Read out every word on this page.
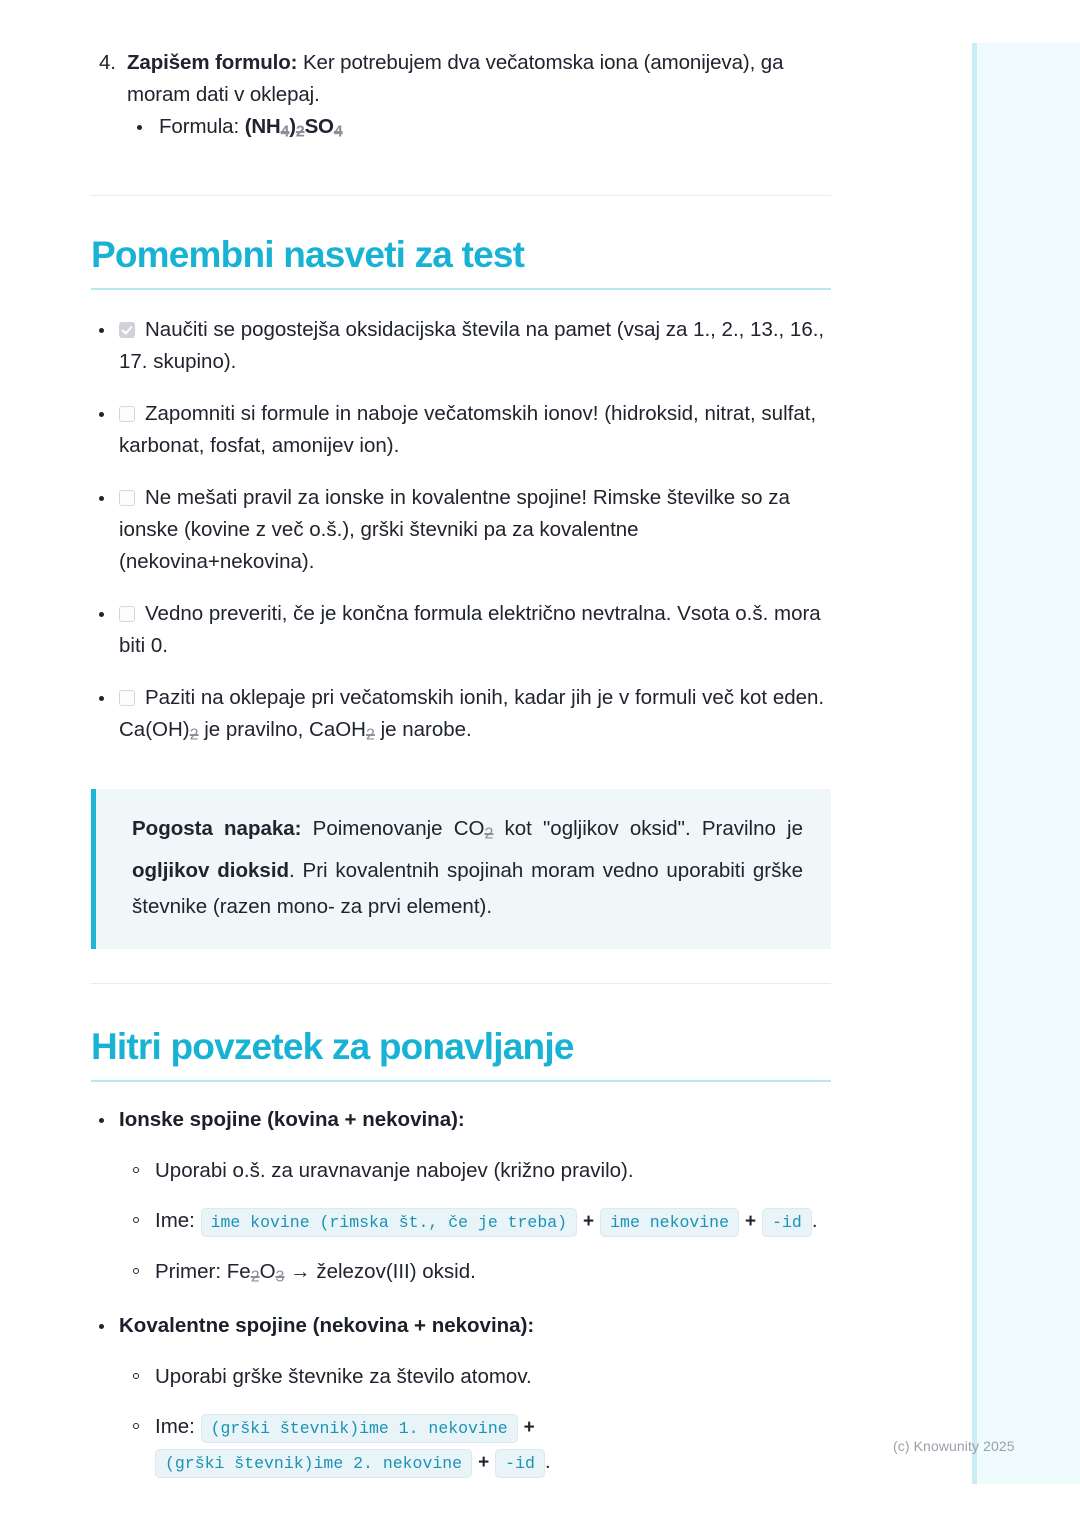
4. Zapišem formulo: Ker potrebujem dva večatomska iona (amonijeva), ga moram dati v oklepaj.
Formula: $(NH_4)_2SO_4$
Pomembni nasveti za test
Naučiti se pogostejša oksidacijska števila na pamet (vsaj za 1., 2., 13., 16., 17. skupino).
Zapomniti si formule in naboje večatomskih ionov! (hidroksid, nitrat, sulfat, karbonat, fosfat, amonijev ion).
Ne mešati pravil za ionske in kovalentne spojine! Rimske številke so za ionske (kovine z več o.š.), grški števniki pa za kovalentne (nekovina+nekovina).
Vedno preveriti, če je končna formula električno nevtralna. Vsota o.š. mora biti 0.
Paziti na oklepaje pri večatomskih ionih, kadar jih je v formuli več kot eden. $Ca(OH)_2$ je pravilno, CaOH$_2$ je narobe.

Pogosta napaka: Poimenovanje $CO_2$ kot "ogljikov oksid". Pravilno je ogljikov dioksid. Pri kovalentnih spojinah moram vedno uporabiti grške števnike (razen mono- za prvi element).

Hitri povzetek za ponavljanje
Ionske spojine (kovina + nekovina):
Uporabi o.š. za uravnavanje nabojev (križno pravilo).
Ime: ime kovine (rimska št., če je treba) + ime nekovine + -id .
Primer: $Fe_2O_3$ → železov(III) oksid.
Kovalentne spojine (nekovina + nekovina):
Uporabi grške števnike za število atomov.
Ime: (grški števnik)ime 1. nekovine +(grški števnik)ime 2. nekovine + -id .
(c) Knowunity 2025
